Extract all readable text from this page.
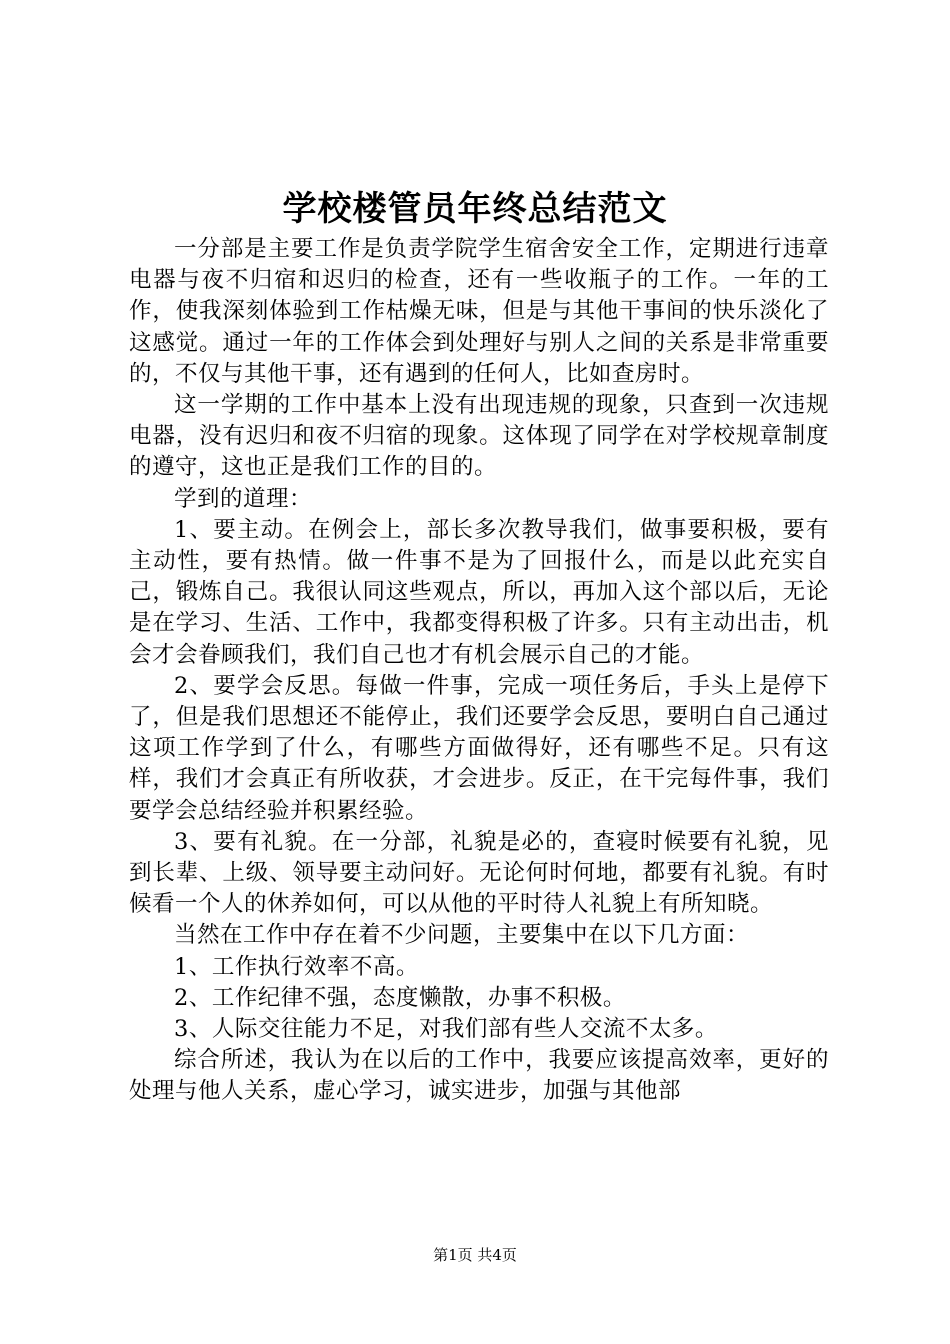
学校楼管员年终总结范文

一分部是主要工作是负责学院学生宿舍安全工作，定期进行违章电器与夜不归宿和迟归的检查，还有一些收瓶子的工作。一年的工作，使我深刻体验到工作枯燥无味，但是与其他干事间的快乐淡化了这感觉。通过一年的工作体会到处理好与别人之间的关系是非常重要的，不仅与其他干事，还有遇到的任何人，比如查房时。

这一学期的工作中基本上没有出现违规的现象，只查到一次违规电器，没有迟归和夜不归宿的现象。这体现了同学在对学校规章制度的遵守，这也正是我们工作的目的。

学到的道理：

1、要主动。在例会上，部长多次教导我们，做事要积极，要有主动性，要有热情。做一件事不是为了回报什么，而是以此充实自己，锻炼自己。我很认同这些观点，所以，再加入这个部以后，无论是在学习、生活、工作中，我都变得积极了许多。只有主动出击，机会才会眷顾我们，我们自己也才有机会展示自己的才能。

2、要学会反思。每做一件事，完成一项任务后，手头上是停下了，但是我们思想还不能停止，我们还要学会反思，要明白自己通过这项工作学到了什么，有哪些方面做得好，还有哪些不足。只有这样，我们才会真正有所收获，才会进步。反正，在干完每件事，我们要学会总结经验并积累经验。

3、要有礼貌。在一分部，礼貌是必的，查寝时候要有礼貌，见到长辈、上级、领导要主动问好。无论何时何地，都要有礼貌。有时候看一个人的休养如何，可以从他的平时待人礼貌上有所知晓。

当然在工作中存在着不少问题，主要集中在以下几方面：

1、工作执行效率不高。

2、工作纪律不强，态度懒散，办事不积极。

3、人际交往能力不足，对我们部有些人交流不太多。

综合所述，我认为在以后的工作中，我要应该提高效率，更好的处理与他人关系，虚心学习，诚实进步，加强与其他部

第1页 共4页
